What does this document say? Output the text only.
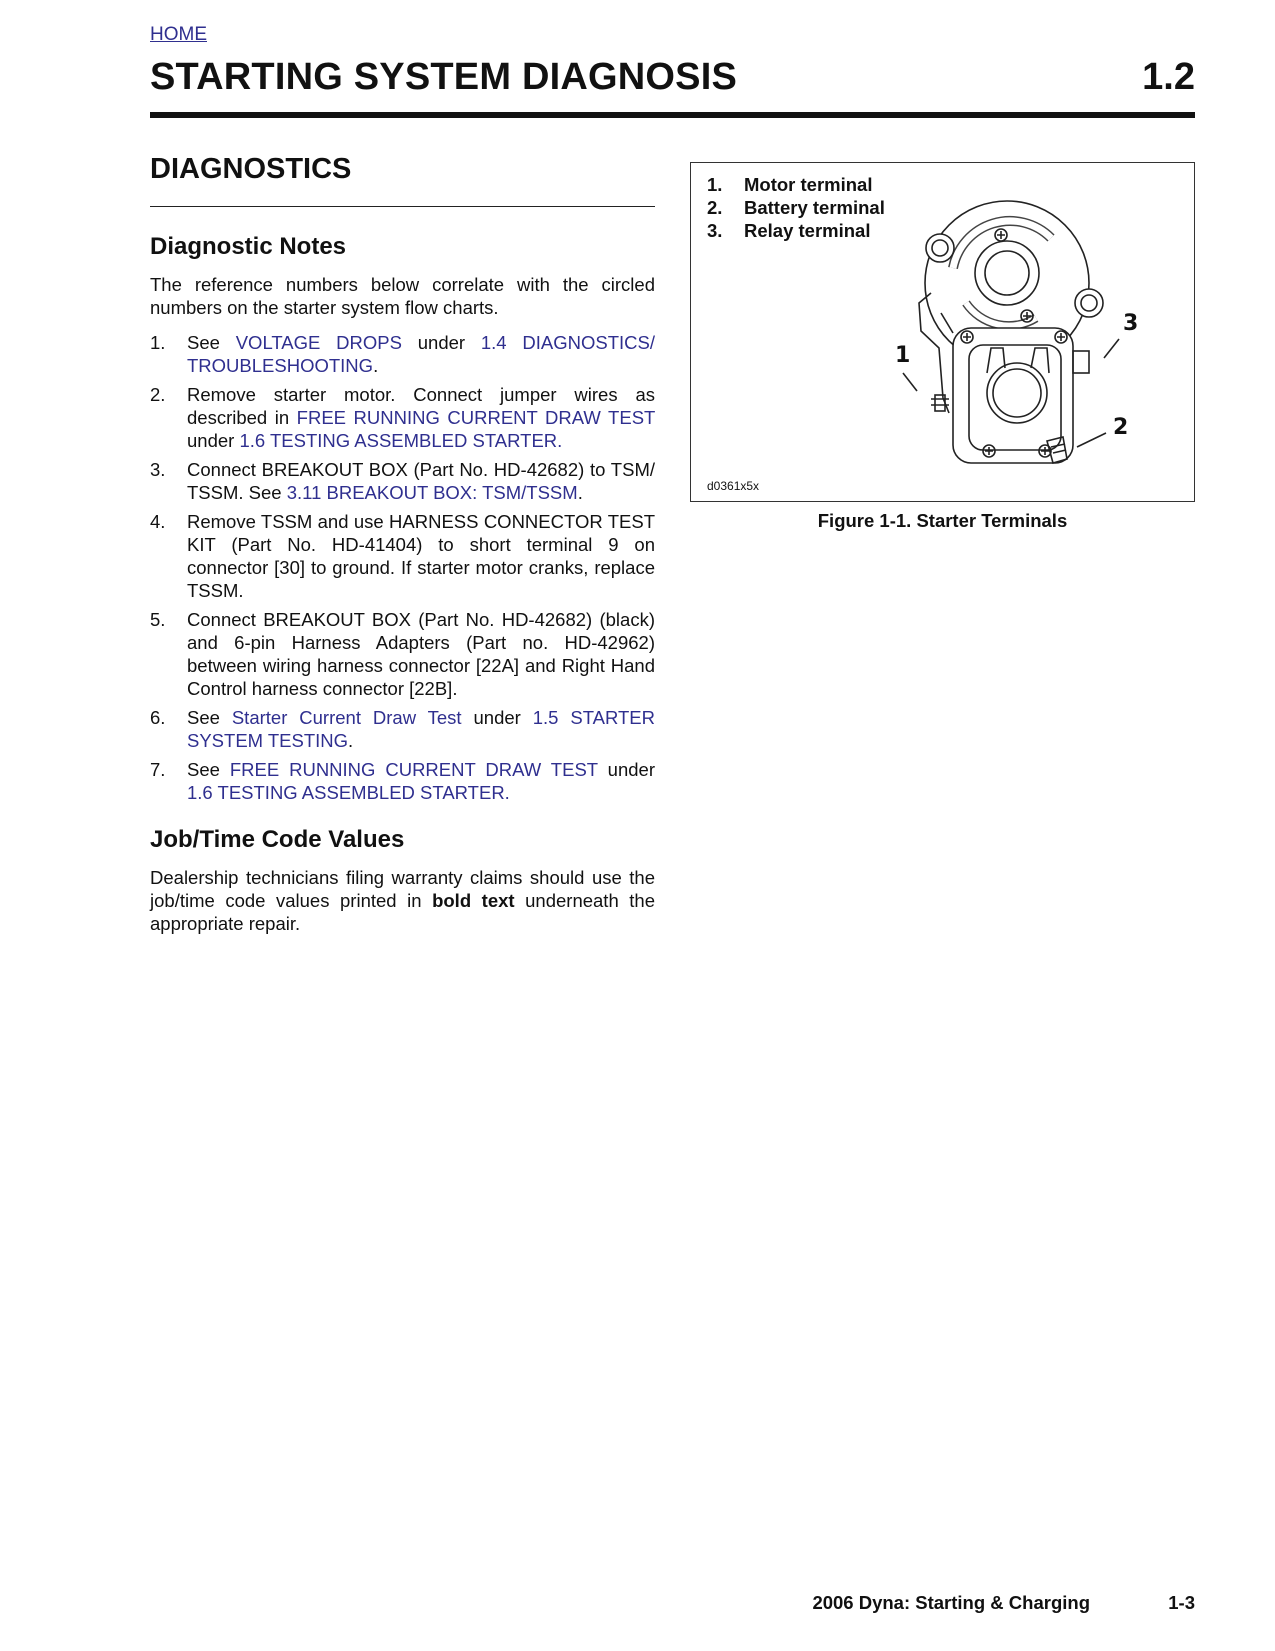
HOME
STARTING SYSTEM DIAGNOSIS	1.2
DIAGNOSTICS
Diagnostic Notes

The reference numbers below correlate with the circled numbers on the starter system flow charts.

1. See VOLTAGE DROPS under 1.4 DIAGNOSTICS/ TROUBLESHOOTING.
2. Remove starter motor. Connect jumper wires as described in FREE RUNNING CURRENT DRAW TEST under 1.6 TESTING ASSEMBLED STARTER.
3. Connect BREAKOUT BOX (Part No. HD-42682) to TSM/ TSSM. See 3.11 BREAKOUT BOX: TSM/TSSM.
4. Remove TSSM and use HARNESS CONNECTOR TEST KIT (Part No. HD-41404) to short terminal 9 on connector [30] to ground. If starter motor cranks, replace TSSM.
5. Connect BREAKOUT BOX (Part No. HD-42682) (black) and 6-pin Harness Adapters (Part no. HD-42962) between wiring harness connector [22A] and Right Hand Control harness connector [22B].
6. See Starter Current Draw Test under 1.5 STARTER SYSTEM TESTING.
7. See FREE RUNNING CURRENT DRAW TEST under 1.6 TESTING ASSEMBLED STARTER.
Job/Time Code Values

Dealership technicians filing warranty claims should use the job/time code values printed in bold text underneath the appropriate repair.

1. Motor terminal
2. Battery terminal
3. Relay terminal
1
2
3
d0361x5x
Figure 1-1. Starter Terminals
2006 Dyna: Starting & Charging	1-3
